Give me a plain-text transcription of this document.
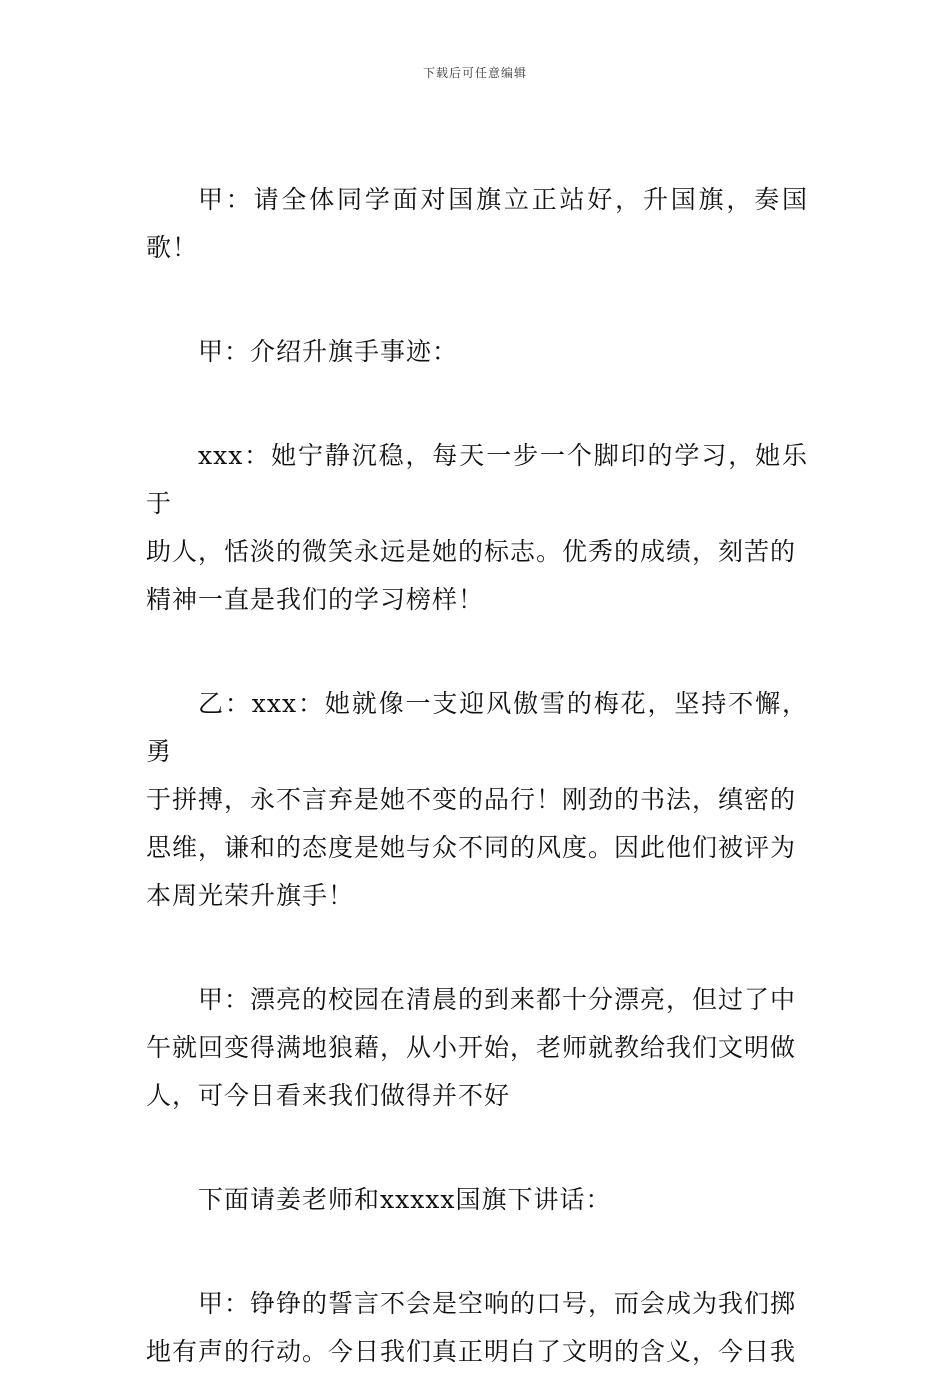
下载后可任意编辑

甲：请全体同学面对国旗立正站好，升国旗，奏国歌！

甲：介绍升旗手事迹：

xxx：她宁静沉稳，每天一步一个脚印的学习，她乐于
助人，恬淡的微笑永远是她的标志。优秀的成绩，刻苦的
精神一直是我们的学习榜样！

乙：xxx：她就像一支迎风傲雪的梅花，坚持不懈，勇
于拼搏，永不言弃是她不变的品行！刚劲的书法，缜密的
思维，谦和的态度是她与众不同的风度。因此他们被评为
本周光荣升旗手！

甲：漂亮的校园在清晨的到来都十分漂亮，但过了中
午就回变得满地狼藉，从小开始，老师就教给我们文明做
人，可今日看来我们做得并不好

下面请姜老师和xxxxx国旗下讲话：

甲：铮铮的誓言不会是空响的口号，而会成为我们掷
地有声的行动。今日我们真正明白了文明的含义，今日我
